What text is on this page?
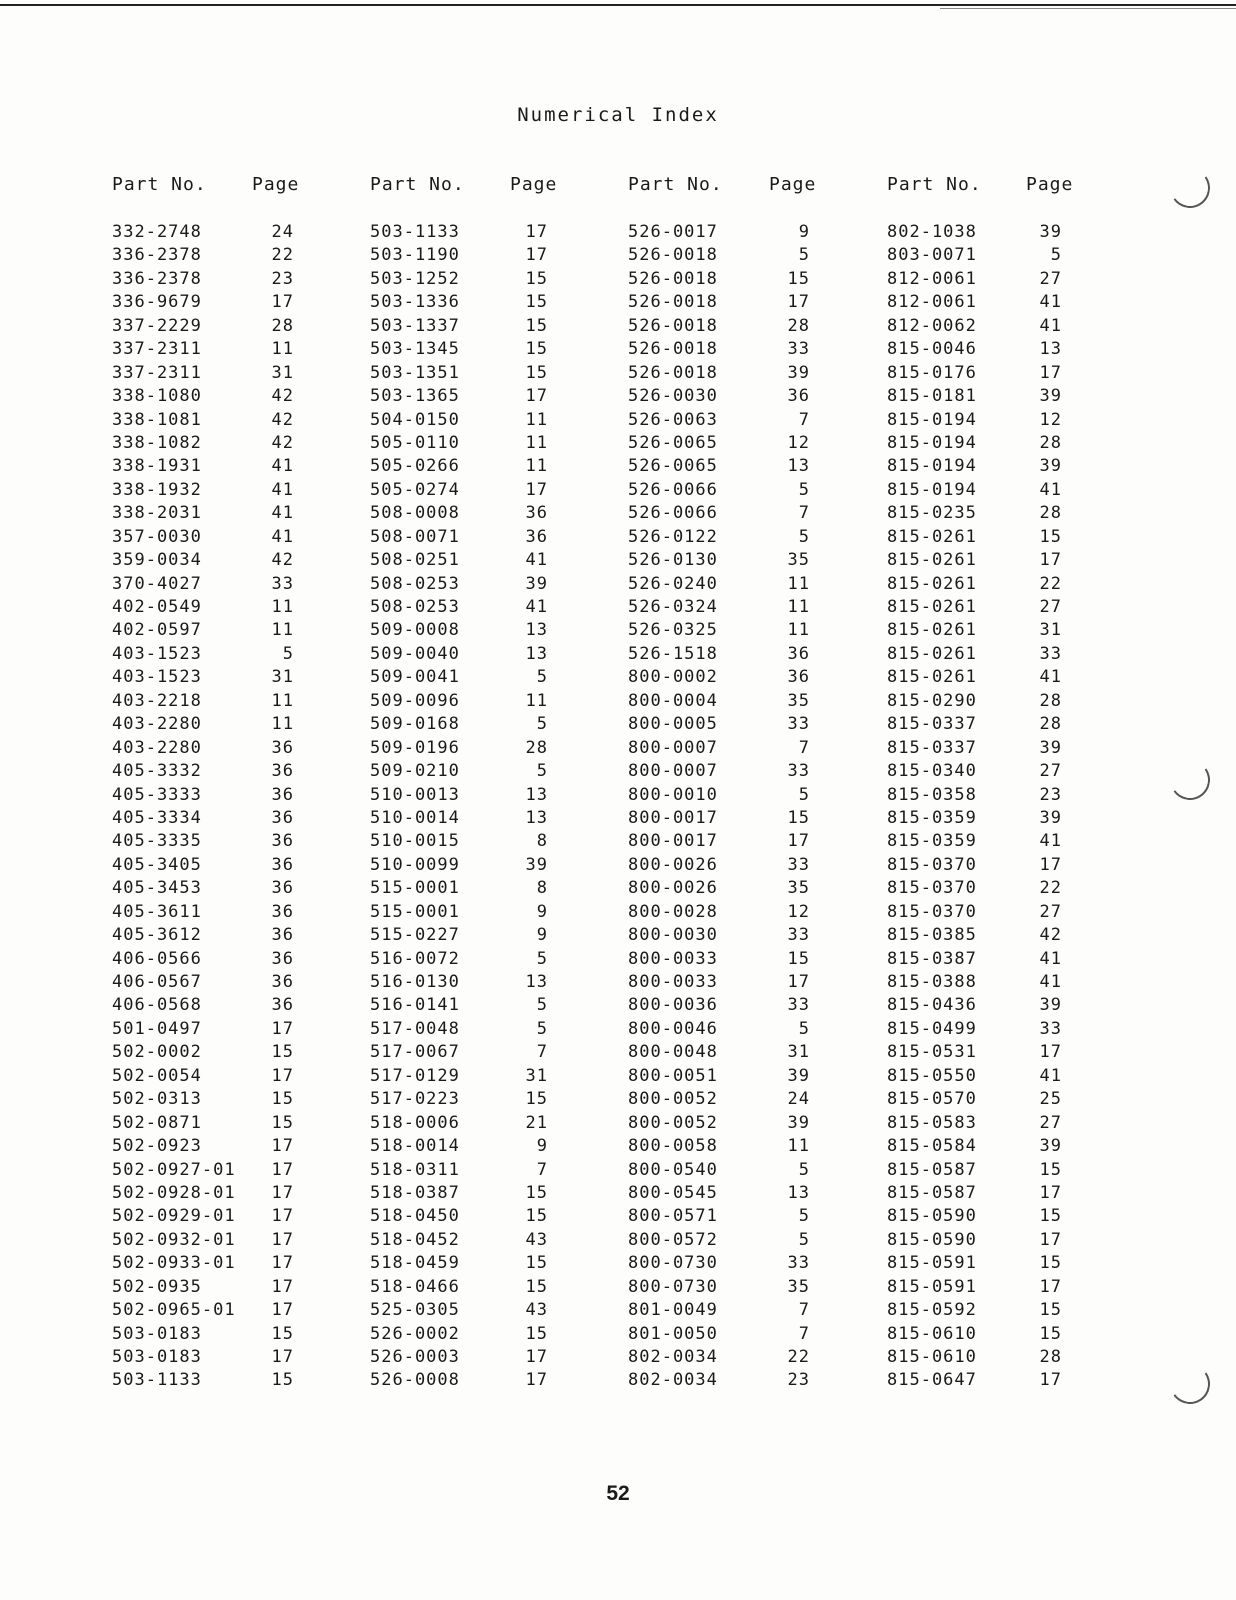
Numerical Index
Part No.	Page
332-2748	24
336-2378	22
336-2378	23
336-9679	17
337-2229	28
337-2311	11
337-2311	31
338-1080	42
338-1081	42
338-1082	42
338-1931	41
338-1932	41
338-2031	41
357-0030	41
359-0034	42
370-4027	33
402-0549	11
402-0597	11
403-1523	5
403-1523	31
403-2218	11
403-2280	11
403-2280	36
405-3332	36
405-3333	36
405-3334	36
405-3335	36
405-3405	36
405-3453	36
405-3611	36
405-3612	36
406-0566	36
406-0567	36
406-0568	36
501-0497	17
502-0002	15
502-0054	17
502-0313	15
502-0871	15
502-0923	17
502-0927-01	17
502-0928-01	17
502-0929-01	17
502-0932-01	17
502-0933-01	17
502-0935	17
502-0965-01	17
503-0183	15
503-0183	17
503-1133	15
Part No.	Page
503-1133	17
503-1190	17
503-1252	15
503-1336	15
503-1337	15
503-1345	15
503-1351	15
503-1365	17
504-0150	11
505-0110	11
505-0266	11
505-0274	17
508-0008	36
508-0071	36
508-0251	41
508-0253	39
508-0253	41
509-0008	13
509-0040	13
509-0041	5
509-0096	11
509-0168	5
509-0196	28
509-0210	5
510-0013	13
510-0014	13
510-0015	8
510-0099	39
515-0001	8
515-0001	9
515-0227	9
516-0072	5
516-0130	13
516-0141	5
517-0048	5
517-0067	7
517-0129	31
517-0223	15
518-0006	21
518-0014	9
518-0311	7
518-0387	15
518-0450	15
518-0452	43
518-0459	15
518-0466	15
525-0305	43
526-0002	15
526-0003	17
526-0008	17
Part No.	Page
526-0017	9
526-0018	5
526-0018	15
526-0018	17
526-0018	28
526-0018	33
526-0018	39
526-0030	36
526-0063	7
526-0065	12
526-0065	13
526-0066	5
526-0066	7
526-0122	5
526-0130	35
526-0240	11
526-0324	11
526-0325	11
526-1518	36
800-0002	36
800-0004	35
800-0005	33
800-0007	7
800-0007	33
800-0010	5
800-0017	15
800-0017	17
800-0026	33
800-0026	35
800-0028	12
800-0030	33
800-0033	15
800-0033	17
800-0036	33
800-0046	5
800-0048	31
800-0051	39
800-0052	24
800-0052	39
800-0058	11
800-0540	5
800-0545	13
800-0571	5
800-0572	5
800-0730	33
800-0730	35
801-0049	7
801-0050	7
802-0034	22
802-0034	23
Part No. Page
802-1038	39
803-0071	5
812-0061	27
812-0061	41
812-0062	41
815-0046	13
815-0176	17
815-0181	39
815-0194	12
815-0194	28
815-0194	39
815-0194	41
815-0235	28
815-0261	15
815-0261	17
815-0261	22
815-0261	27
815-0261	31
815-0261	33
815-0261	41
815-0290	28
815-0337	28
815-0337	39
815-0340	27
815-0358	23
815-0359	39
815-0359	41
815-0370	17
815-0370	22
815-0370	27
815-0385	42
815-0387	41
815-0388	41
815-0436	39
815-0499	33
815-0531	17
815-0550	41
815-0570	25
815-0583	27
815-0584	39
815-0587	15
815-0587	17
815-0590	15
815-0590	17
815-0591	15
815-0591	17
815-0592	15
815-0610	15
815-0610	28
815-0647	17
52
